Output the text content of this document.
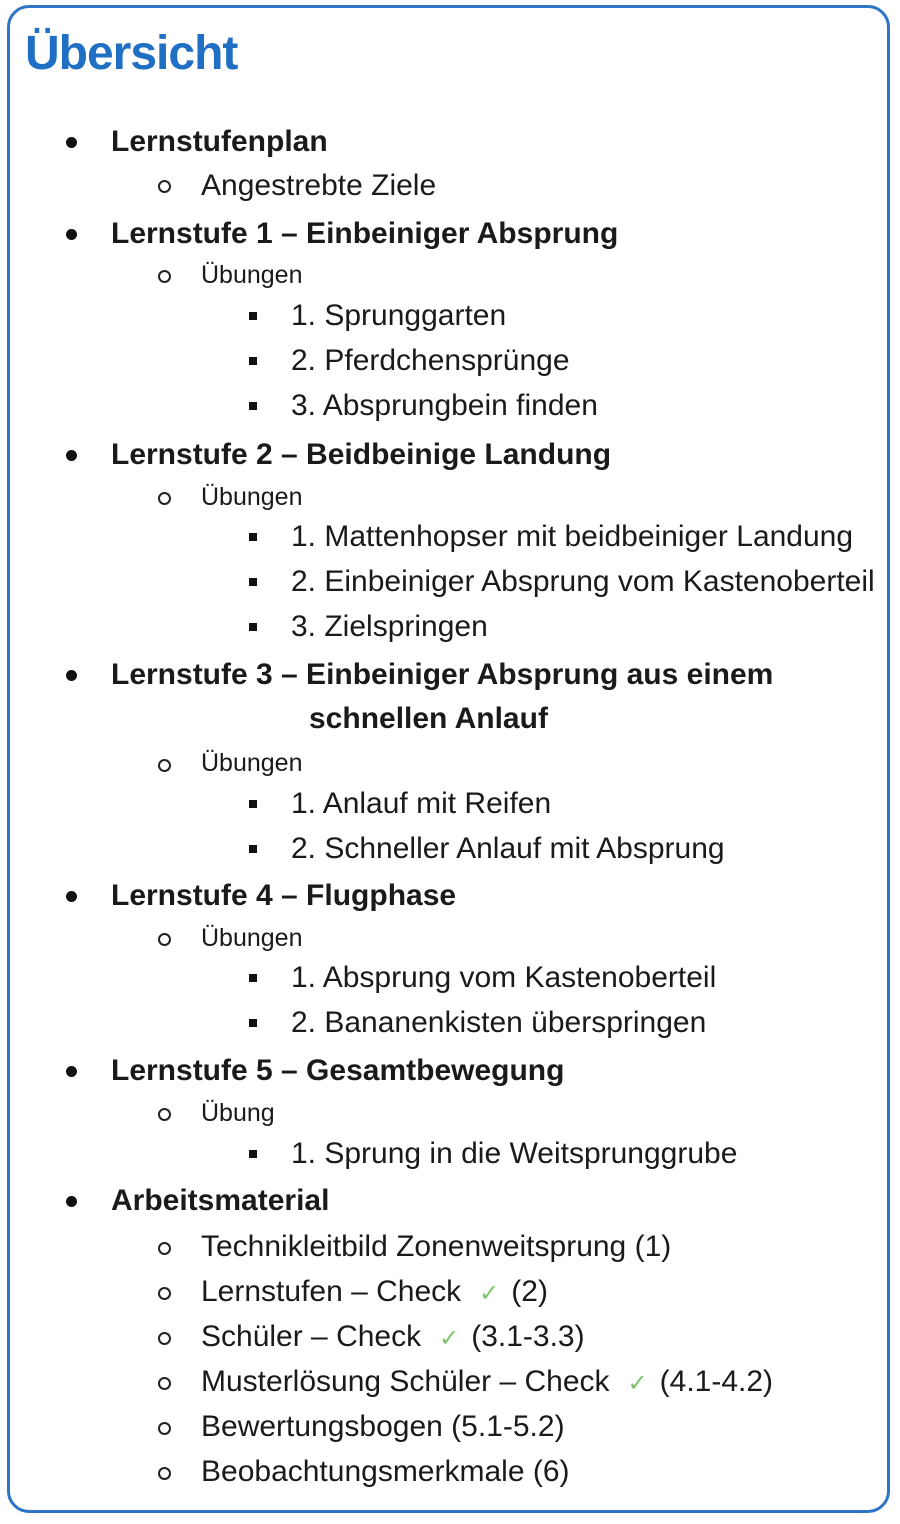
Übersicht
Lernstufenplan
Angestrebte Ziele
Lernstufe 1 – Einbeiniger Absprung
Übungen
1. Sprunggarten
2. Pferdchensprünge
3. Absprungbein finden
Lernstufe 2 – Beidbeinige Landung
Übungen
1. Mattenhopser mit beidbeiniger Landung
2. Einbeiniger Absprung vom Kastenoberteil
3. Zielspringen
Lernstufe 3 – Einbeiniger Absprung aus einem
schnellen Anlauf
Übungen
1. Anlauf mit Reifen
2. Schneller Anlauf mit Absprung
Lernstufe 4 – Flugphase
Übungen
1. Absprung vom Kastenoberteil
2. Bananenkisten überspringen
Lernstufe 5 – Gesamtbewegung
Übung
1. Sprung in die Weitsprunggrube
Arbeitsmaterial
Technikleitbild Zonenweitsprung (1)
Lernstufen – Check ✓ (2)
Schüler – Check ✓ (3.1-3.3)
Musterlösung Schüler – Check ✓ (4.1-4.2)
Bewertungsbogen (5.1-5.2)
Beobachtungsmerkmale (6)
